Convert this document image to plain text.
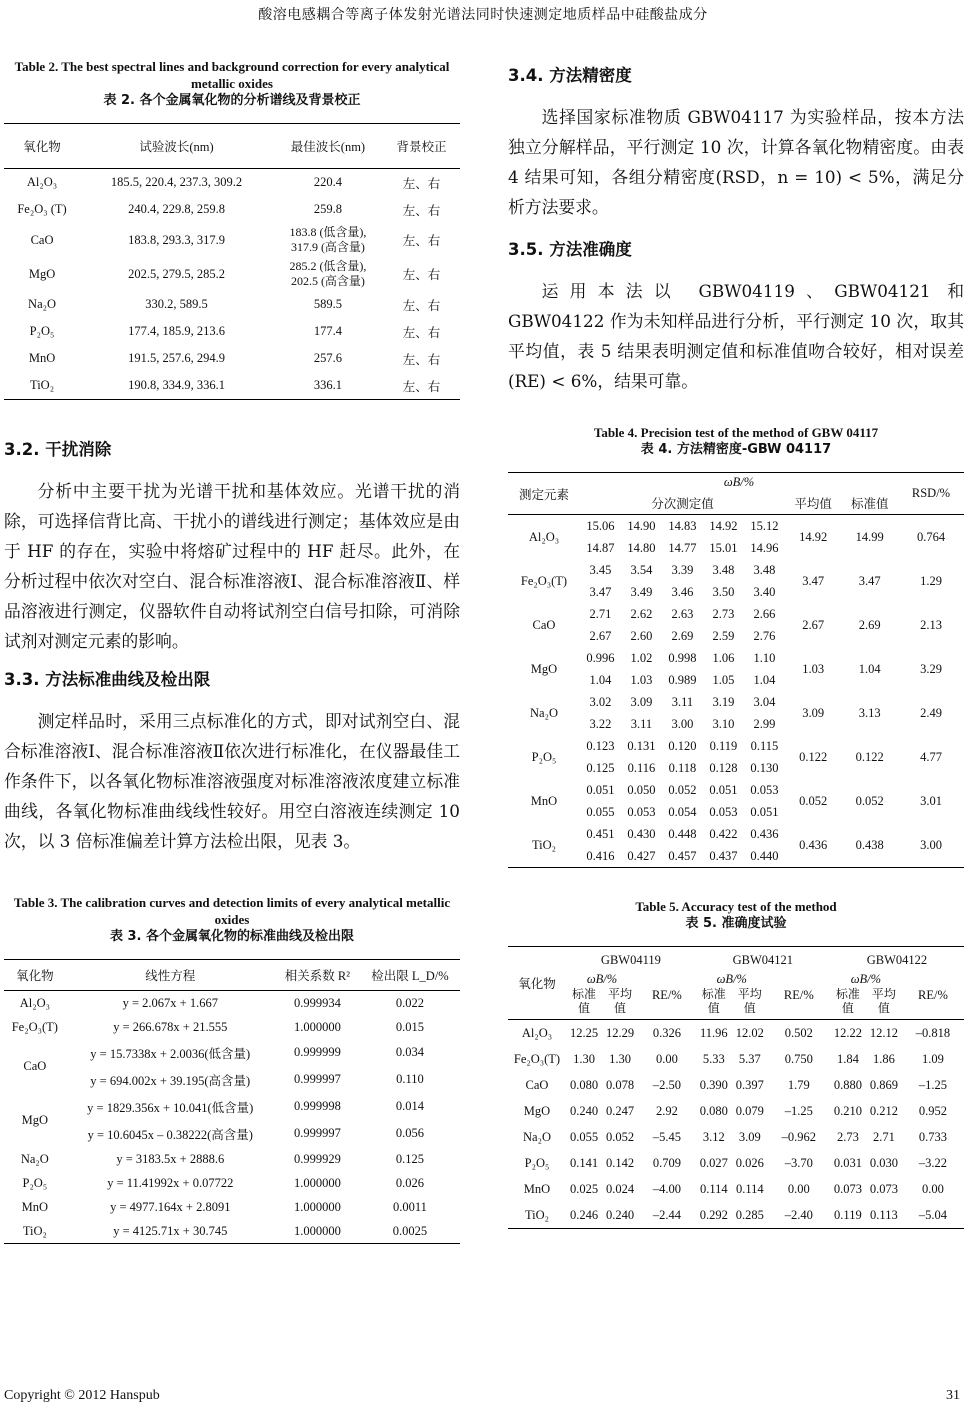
酸溶电感耦合等离子体发射光谱法同时快速测定地质样品中硅酸盐成分
Table 2. The best spectral lines and background correction for every analytical metallic oxides
表 2. 各个金属氧化物的分析谱线及背景校正
氧化物	试验波长(nm)	最佳波长(nm)	背景校正
Al₂O₃	185.5, 220.4, 237.3, 309.2	220.4	左、右
Fe₂O₃ (T)	240.4, 229.8, 259.8	259.8	左、右
CaO	183.8, 293.3, 317.9	183.8 (低含量), 317.9 (高含量)	左、右
MgO	202.5, 279.5, 285.2	285.2 (低含量), 202.5 (高含量)	左、右
Na₂O	330.2, 589.5	589.5	左、右
P₂O₅	177.4, 185.9, 213.6	177.4	左、右
MnO	191.5, 257.6, 294.9	257.6	左、右
TiO₂	190.8, 334.9, 336.1	336.1	左、右
3.2. 干扰消除

分析中主要干扰为光谱干扰和基体效应。光谱干扰的消除，可选择信背比高、干扰小的谱线进行测定；基体效应是由于 HF 的存在，实验中将熔矿过程中的 HF 赶尽。此外，在分析过程中依次对空白、混合标准溶液Ⅰ、混合标准溶液Ⅱ、样品溶液进行测定，仪器软件自动将试剂空白信号扣除，可消除试剂对测定元素的影响。

3.3. 方法标准曲线及检出限

测定样品时，采用三点标准化的方式，即对试剂空白、混合标准溶液Ⅰ、混合标准溶液Ⅱ依次进行标准化，在仪器最佳工作条件下，以各氧化物标准溶液强度对标准溶液浓度建立标准曲线，各氧化物标准曲线线性较好。用空白溶液连续测定 10 次，以 3 倍标准偏差计算方法检出限，见表 3。

Table 3. The calibration curves and detection limits of every analytical metallic oxides
表 3. 各个金属氧化物的标准曲线及检出限
氧化物	线性方程	相关系数 R²	检出限 L_D/%
Al₂O₃	y = 2.067x + 1.667	0.999934	0.022
Fe₂O₃(T)	y = 266.678x + 21.555	1.000000	0.015
CaO	y = 15.7338x + 2.0036(低含量)	0.999999	0.034
	y = 694.002x + 39.195(高含量)	0.999997	0.110
MgO	y = 1829.356x + 10.041(低含量)	0.999998	0.014
	y = 10.6045x – 0.38222(高含量)	0.999997	0.056
Na₂O	y = 3183.5x + 2888.6	0.999929	0.125
P₂O₅	y = 11.41992x + 0.07722	1.000000	0.026
MnO	y = 4977.164x + 2.8091	1.000000	0.0011
TiO₂	y = 4125.71x + 30.745	1.000000	0.0025
3.4. 方法精密度

选择国家标准物质 GBW04117 为实验样品，按本方法独立分解样品，平行测定 10 次，计算各氧化物精密度。由表 4 结果可知，各组分精密度(RSD，n = 10) < 5%，满足分析方法要求。

3.5. 方法准确度

运用本法以 GBW04119、GBW04121 和 GBW04122 作为未知样品进行分析，平行测定 10 次，取其平均值，表 5 结果表明测定值和标准值吻合较好，相对误差(RE) < 6%，结果可靠。

Table 4. Precision test of the method of GBW 04117
表 4. 方法精密度-GBW 04117
测定元素	ωB/%							RSD/%
	分次测定值					平均值	标准值	
Al₂O₃	15.06	14.90	14.83	14.92	15.12	14.92	14.99	0.764
	14.87	14.80	14.77	15.01	14.96			
Fe₂O₃(T)	3.45	3.54	3.39	3.48	3.48	3.47	3.47	1.29
	3.47	3.49	3.46	3.50	3.40			
CaO	2.71	2.62	2.63	2.73	2.66	2.67	2.69	2.13
	2.67	2.60	2.69	2.59	2.76			
MgO	0.996	1.02	0.998	1.06	1.10	1.03	1.04	3.29
	1.04	1.03	0.989	1.05	1.04			
Na₂O	3.02	3.09	3.11	3.19	3.04	3.09	3.13	2.49
	3.22	3.11	3.00	3.10	2.99			
P₂O₅	0.123	0.131	0.120	0.119	0.115	0.122	0.122	4.77
	0.125	0.116	0.118	0.128	0.130			
MnO	0.051	0.050	0.052	0.051	0.053	0.052	0.052	3.01
	0.055	0.053	0.054	0.053	0.051			
TiO₂	0.451	0.430	0.448	0.422	0.436	0.436	0.438	3.00
	0.416	0.427	0.457	0.437	0.440			
Table 5. Accuracy test of the method
表 5. 准确度试验
氧化物	GBW04119			GBW04121			GBW04122		
	ωB/%		RE/%	ωB/%		RE/%	ωB/%		RE/%
	标准值	平均值		标准值	平均值		标准值	平均值	
Al₂O₃	12.25	12.29	0.326	11.96	12.02	0.502	12.22	12.12	–0.818
Fe₂O₃(T)	1.30	1.30	0.00	5.33	5.37	0.750	1.84	1.86	1.09
CaO	0.080	0.078	–2.50	0.390	0.397	1.79	0.880	0.869	–1.25
MgO	0.240	0.247	2.92	0.080	0.079	–1.25	0.210	0.212	0.952
Na₂O	0.055	0.052	–5.45	3.12	3.09	–0.962	2.73	2.71	0.733
P₂O₅	0.141	0.142	0.709	0.027	0.026	–3.70	0.031	0.030	–3.22
MnO	0.025	0.024	–4.00	0.114	0.114	0.00	0.073	0.073	0.00
TiO₂	0.246	0.240	–2.44	0.292	0.285	–2.40	0.119	0.113	–5.04
Copyright © 2012 Hanspub	31
